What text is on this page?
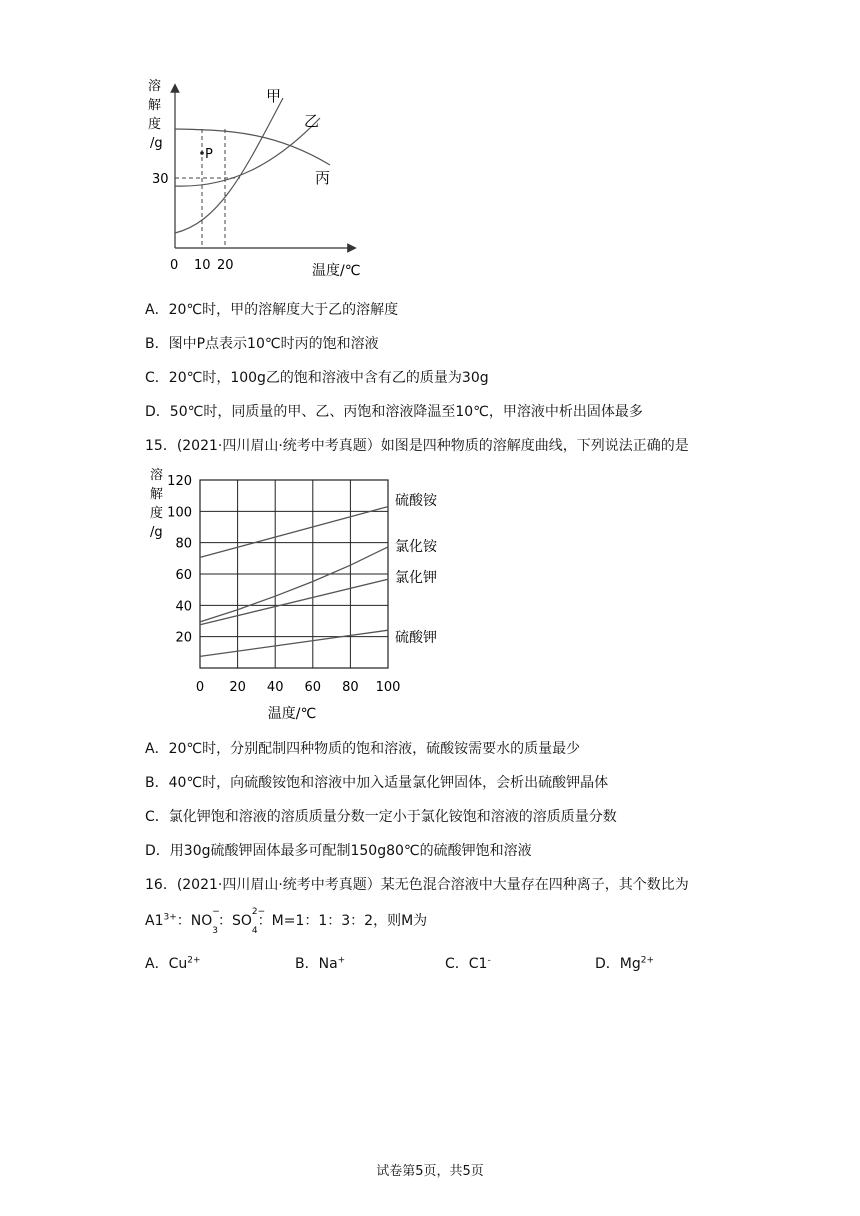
溶
解
度
/g
P
30
0 10 20	温度/℃
甲
乙
丙
A．20℃时，甲的溶解度大于乙的溶解度
B．图中P点表示10℃时丙的饱和溶液
C．20℃时，100g乙的饱和溶液中含有乙的质量为30g
D．50℃时，同质量的甲、乙、丙饱和溶液降温至10℃，甲溶液中析出固体最多
15．(2021·四川眉山·统考中考真题）如图是四种物质的溶解度曲线，下列说法正确的是
0 20 40 60 80 100
20
40
60
80
100
120
溶
解
度
/g
温度/℃
硫酸铵
氯化铵
氯化钾
硫酸钾
A．20℃时，分别配制四种物质的饱和溶液，硫酸铵需要水的质量最少
B．40℃时，向硫酸铵饱和溶液中加入适量氯化钾固体，会析出硫酸钾晶体
C．氯化钾饱和溶液的溶质质量分数一定小于氯化铵饱和溶液的溶质质量分数
D．用30g硫酸钾固体最多可配制150g80℃的硫酸钾饱和溶液
16．(2021·四川眉山·统考中考真题）某无色混合溶液中大量存在四种离子，其个数比为
$A1^{3+}$：NO
−
$_3$：SO
2−
$_4$：M=1：1：3：2，则M为
A．$Cu^{2+}$	B．Na+	C．C1-	D．$Mg^{2+}$
试卷第5页，共5页
